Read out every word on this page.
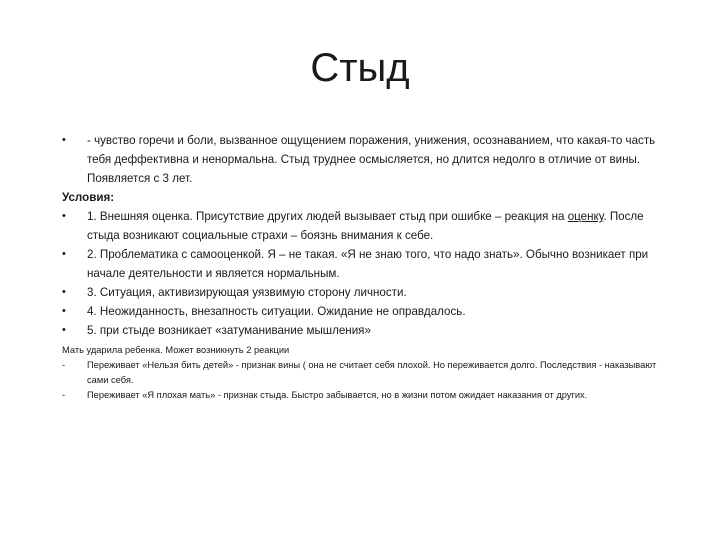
Стыд
•	- чувство горечи и боли, вызванное ощущением поражения, унижения, осознаванием, что какая-то часть тебя деффективна и ненормальна. Стыд труднее осмысляется, но длится недолго в отличие от вины. Появляется с 3 лет.
Условия:
•	1. Внешняя оценка. Присутствие других людей вызывает стыд при ошибке – реакция на оценку. После стыда возникают социальные страхи – боязнь внимания к себе.
•	2. Проблематика с самооценкой. Я – не такая. «Я не знаю того, что надо знать». Обычно возникает при начале деятельности и является нормальным.
•	3. Ситуация, активизирующая уязвимую сторону личности.
•	4. Неожиданность, внезапность ситуации. Ожидание не оправдалось.
•	5. при стыде возникает «затуманивание мышления»
Мать ударила ребенка. Может возникнуть 2 реакции
- Переживает «Нельзя бить детей» - признак вины ( она не считает себя плохой. Но переживается долго. Последствия - наказывают сами себя.
- Переживает «Я плохая мать» - признак стыда. Быстро забывается, но в жизни потом ожидает наказания от других.
